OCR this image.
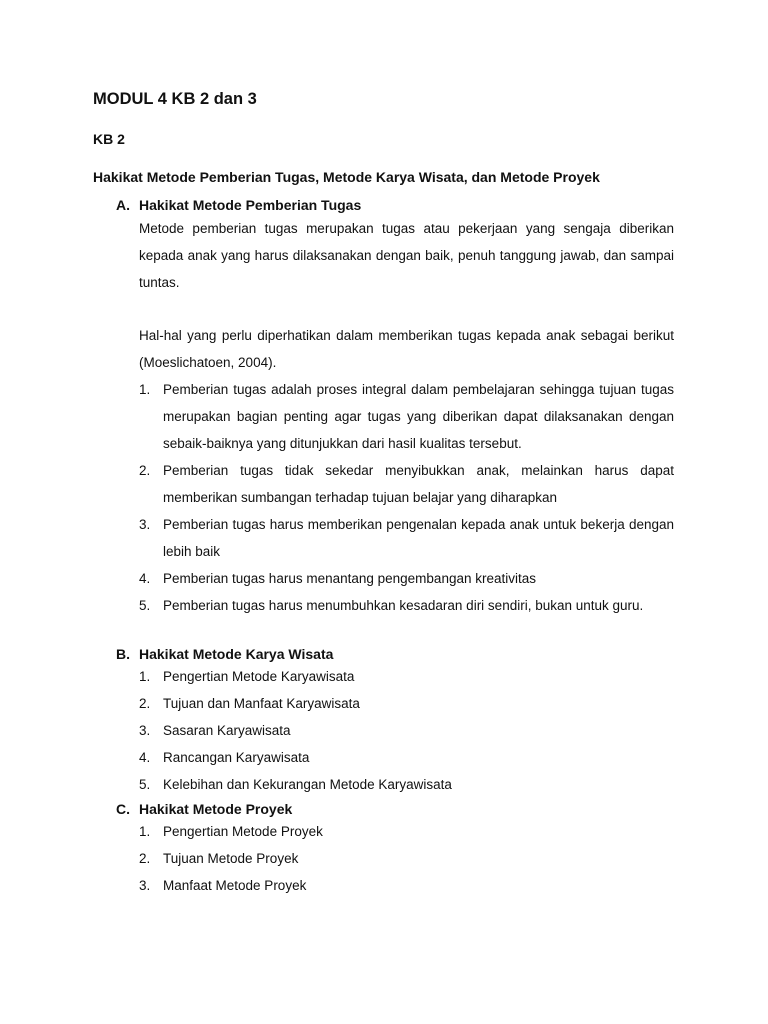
MODUL 4 KB 2 dan 3
KB 2
Hakikat Metode Pemberian Tugas, Metode Karya Wisata, dan Metode Proyek
A. Hakikat Metode Pemberian Tugas

Metode pemberian tugas merupakan tugas atau pekerjaan yang sengaja diberikan kepada anak yang harus dilaksanakan dengan baik, penuh tanggung jawab, dan sampai tuntas.

Hal-hal yang perlu diperhatikan dalam memberikan tugas kepada anak sebagai berikut (Moeslichatoen, 2004).

1. Pemberian tugas adalah proses integral dalam pembelajaran sehingga tujuan tugas merupakan bagian penting agar tugas yang diberikan dapat dilaksanakan dengan sebaik-baiknya yang ditunjukkan dari hasil kualitas tersebut.
2. Pemberian tugas tidak sekedar menyibukkan anak, melainkan harus dapat memberikan sumbangan terhadap tujuan belajar yang diharapkan
3. Pemberian tugas harus memberikan pengenalan kepada anak untuk bekerja dengan lebih baik
4. Pemberian tugas harus menantang pengembangan kreativitas
5. Pemberian tugas harus menumbuhkan kesadaran diri sendiri, bukan untuk guru.
B. Hakikat Metode Karya Wisata
1. Pengertian Metode Karyawisata
2. Tujuan dan Manfaat Karyawisata
3. Sasaran Karyawisata
4. Rancangan Karyawisata
5. Kelebihan dan Kekurangan Metode Karyawisata
C. Hakikat Metode Proyek
1. Pengertian Metode Proyek
2. Tujuan Metode Proyek
3. Manfaat Metode Proyek
